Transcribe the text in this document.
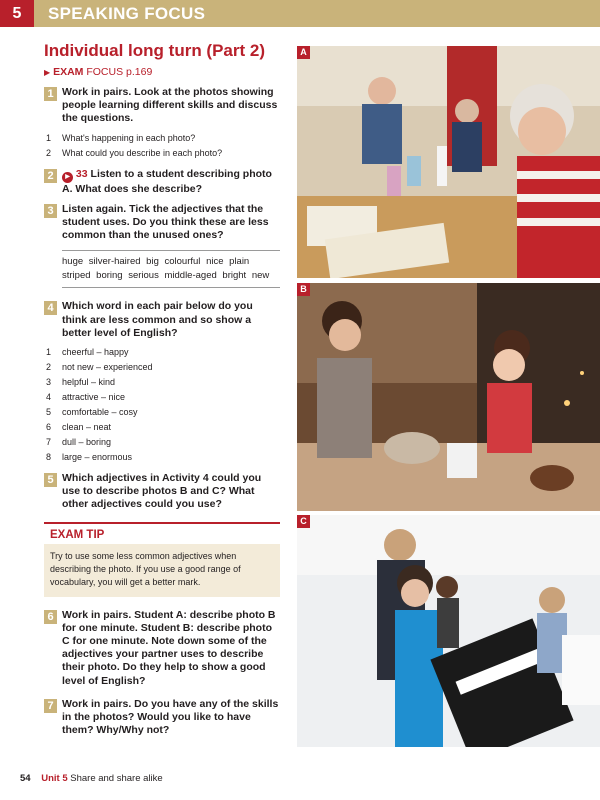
5	SPEAKING FOCUS
Individual long turn (Part 2)
▶ EXAM FOCUS p.169
1 Work in pairs. Look at the photos showing people learning different skills and discuss the questions.
1 What's happening in each photo?
2 What could you describe in each photo?
2	▶ 33 Listen to a student describing photo A. What does she describe?
3 Listen again. Tick the adjectives that the student uses. Do you think these are less common than the unused ones?
huge silver-haired big colourful nice plain striped boring serious middle-aged bright new
4 Which word in each pair below do you think are less common and so show a better level of English?
1 cheerful – happy
2 not new – experienced
3 helpful – kind
4 attractive – nice
5 comfortable – cosy
6 clean – neat
7 dull – boring
8 large – enormous
5 Which adjectives in Activity 4 could you use to describe photos B and C? What other adjectives could you use?
EXAM TIP
Try to use some less common adjectives when describing the photo. If you use a good range of vocabulary, you will get a better mark.
6 Work in pairs. Student A: describe photo B for one minute. Student B: describe photo C for one minute. Note down some of the adjectives your partner uses to describe their photo. Do they help to show a good level of English?
7 Work in pairs. Do you have any of the skills in the photos? Would you like to have them? Why/Why not?
A
B
C
54 Unit 5 Share and share alike
